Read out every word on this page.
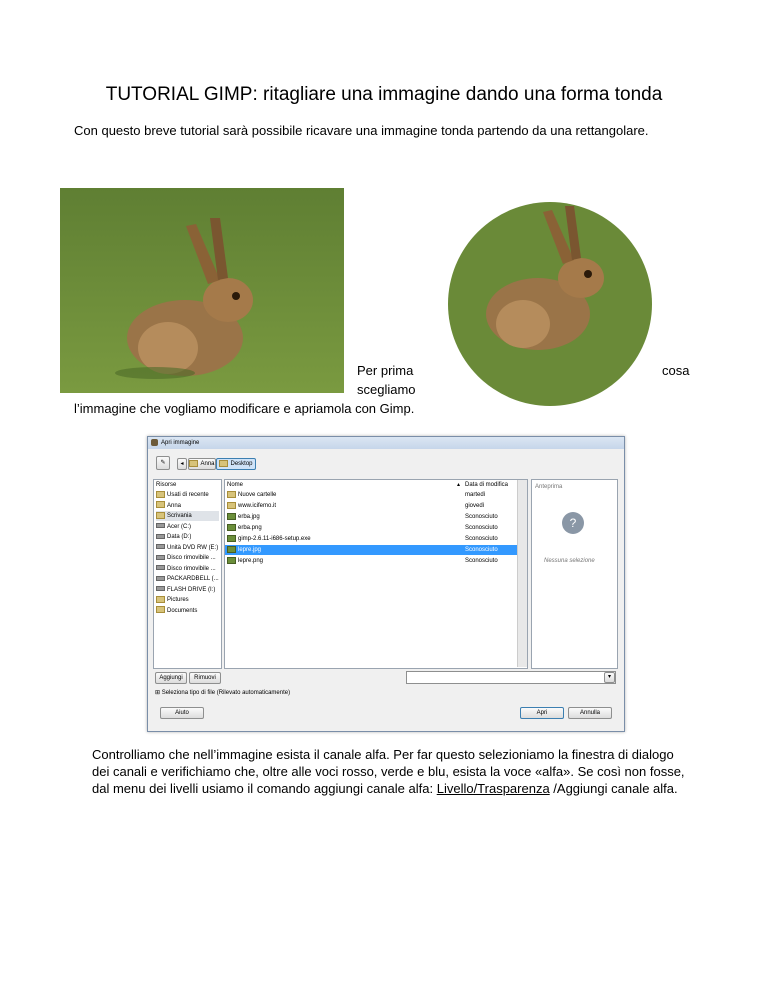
TUTORIAL GIMP: ritagliare una immagine dando una forma tonda
Con questo breve tutorial sarà possibile ricavare una immagine tonda partendo da una rettangolare.
Per prima	cosa
scegliamo
l’immagine che vogliamo modificare e apriamola con Gimp.
Apri immagine
✎	◂	Anna	Desktop
Risorse
Usati di recente
Anna
Scrivania
Acer (C:)
Data (D:)
Unità DVD RW (E:)
Disco rimovibile ...
Disco rimovibile ...
PACKARDBELL (...
FLASH DRIVE (I:)
Pictures
Documents
Nome	▴ Data di modifica
Nuove cartelle	martedì
www.icifemo.it	giovedì
erba.jpg	Sconosciuto
erba.png	Sconosciuto
gimp-2.6.11-i686-setup.exe	Sconosciuto
lepre.jpg	Sconosciuto
lepre.png	Sconosciuto
Anteprima
?
Nessuna selezione
Aggiungi	Rimuovi	▾
⊞ Seleziona tipo di file (Rilevato automaticamente)
Aiuto	Apri	Annulla
Controlliamo che nell’immagine esista il canale alfa. Per far questo selezioniamo la finestra di dialogo dei canali e verifichiamo che, oltre alle voci rosso, verde e blu, esista la voce «alfa». Se così non fosse, dal menu dei livelli usiamo il comando aggiungi canale alfa: Livello/Trasparenza /Aggiungi canale alfa.
